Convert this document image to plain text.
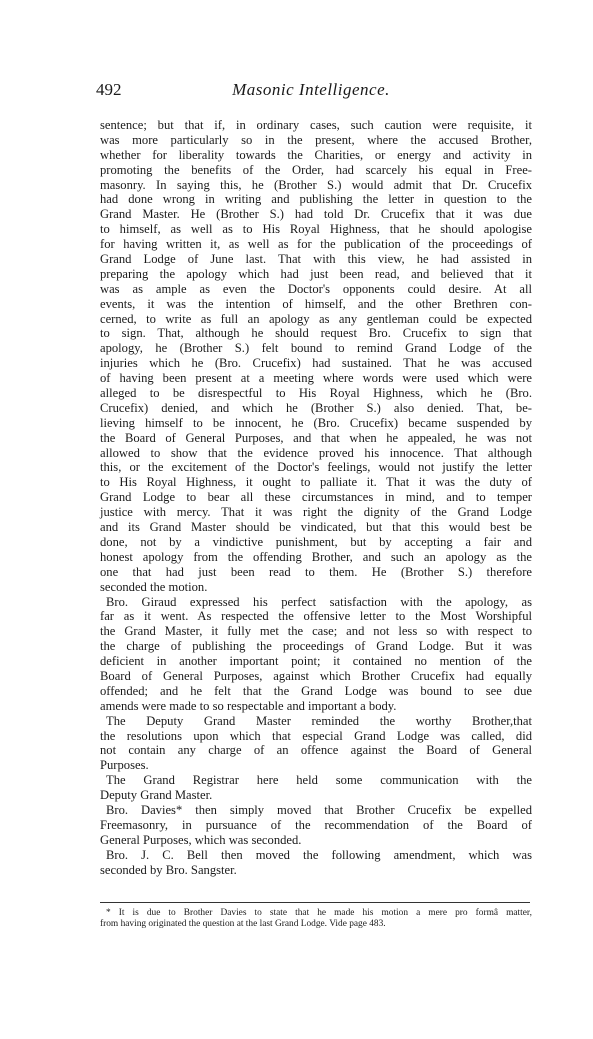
492	Masonic Intelligence.
sentence; but that if, in ordinary cases, such caution were requisite, it
was more particularly so in the present, where the accused Brother,
whether for liberality towards the Charities, or energy and activity in
promoting the benefits of the Order, had scarcely his equal in Free-
masonry. In saying this, he (Brother S.) would admit that Dr. Crucefix
had done wrong in writing and publishing the letter in question to the
Grand Master. He (Brother S.) had told Dr. Crucefix that it was due
to himself, as well as to His Royal Highness, that he should apologise
for having written it, as well as for the publication of the proceedings of
Grand Lodge of June last. That with this view, he had assisted in
preparing the apology which had just been read, and believed that it
was as ample as even the Doctor's opponents could desire. At all
events, it was the intention of himself, and the other Brethren con-
cerned, to write as full an apology as any gentleman could be expected
to sign. That, although he should request Bro. Crucefix to sign that
apology, he (Brother S.) felt bound to remind Grand Lodge of the
injuries which he (Bro. Crucefix) had sustained. That he was accused
of having been present at a meeting where words were used which were
alleged to be disrespectful to His Royal Highness, which he (Bro.
Crucefix) denied, and which he (Brother S.) also denied. That, be-
lieving himself to be innocent, he (Bro. Crucefix) became suspended by
the Board of General Purposes, and that when he appealed, he was not
allowed to show that the evidence proved his innocence. That although
this, or the excitement of the Doctor's feelings, would not justify the letter
to His Royal Highness, it ought to palliate it. That it was the duty of
Grand Lodge to bear all these circumstances in mind, and to temper
justice with mercy. That it was right the dignity of the Grand Lodge
and its Grand Master should be vindicated, but that this would best be
done, not by a vindictive punishment, but by accepting a fair and
honest apology from the offending Brother, and such an apology as the
one that had just been read to them. He (Brother S.) therefore
seconded the motion.
Bro. Giraud expressed his perfect satisfaction with the apology, as
far as it went. As respected the offensive letter to the Most Worshipful
the Grand Master, it fully met the case; and not less so with respect to
the charge of publishing the proceedings of Grand Lodge. But it was
deficient in another important point; it contained no mention of the
Board of General Purposes, against which Brother Crucefix had equally
offended; and he felt that the Grand Lodge was bound to see due
amends were made to so respectable and important a body.
The Deputy Grand Master reminded the worthy Brother,that
the resolutions upon which that especial Grand Lodge was called, did
not contain any charge of an offence against the Board of General
Purposes.
The Grand Registrar here held some communication with the
Deputy Grand Master.
Bro. Davies* then simply moved that Brother Crucefix be expelled
Freemasonry, in pursuance of the recommendation of the Board of
General Purposes, which was seconded.
Bro. J. C. Bell then moved the following amendment, which was
seconded by Bro. Sangster.
* It is due to Brother Davies to state that he made his motion a mere pro formâ matter,
from having originated the question at the last Grand Lodge. Vide page 483.
